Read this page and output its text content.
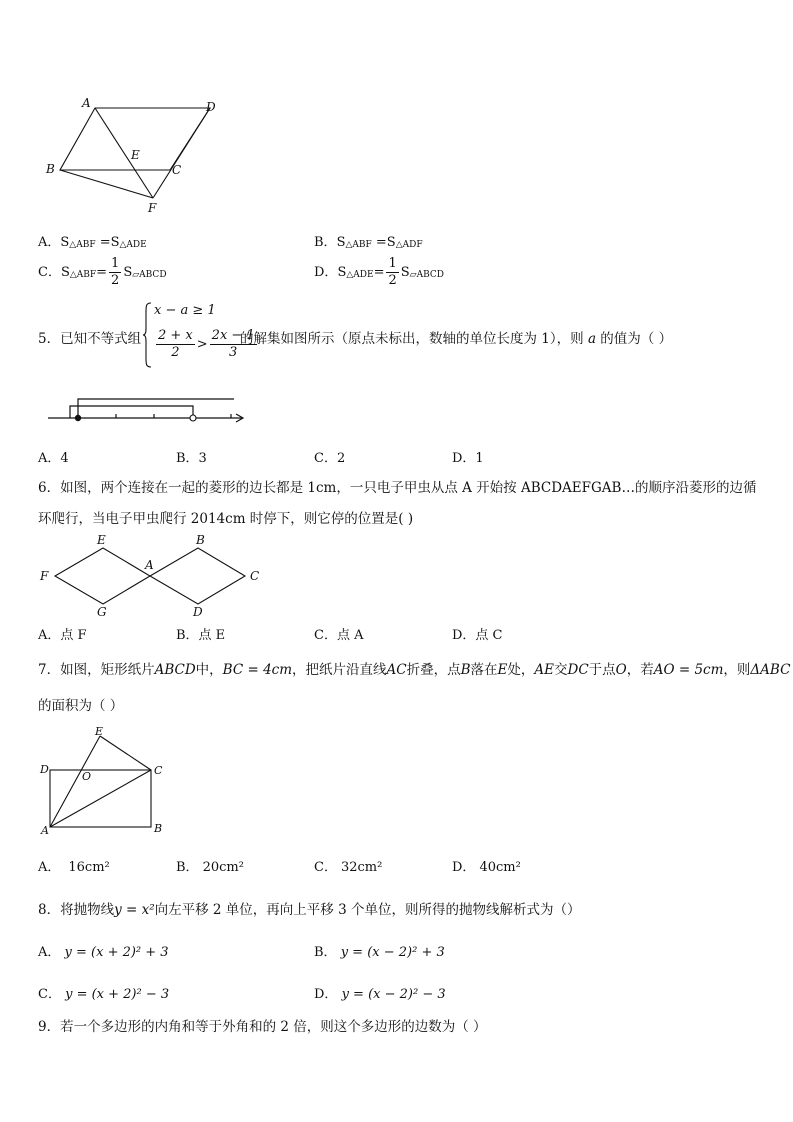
A	D
E
B	C
F
A．S△ABF =S△ADE	B．S△ABF =S△ADF
C．S△ABF= $\frac{1}{2}$ S▱ABCD	D．S△ADE= $\frac{1}{2}$ S▱ABCD
5．已知不等式组
x − a ≥ 1
$\frac{2 + x}{2} > \frac{2x - 1}{3}$
的解集如图所示（原点未标出，数轴的单位长度为 1），则 a 的值为（ ）
A．4	B．3	C．2	D．1
6．如图，两个连接在一起的菱形的边长都是 1cm，一只电子甲虫从点 A 开始按 ABCDAEFGAB…的顺序沿菱形的边循
环爬行，当电子甲虫爬行 2014cm 时停下，则它停的位置是( )
E	B
F
A
C
G	D
A．点 F	B．点 E	C．点 A	D．点 C
7．如图，矩形纸片ABCD中，BC = 4cm，把纸片沿直线AC折叠，点B落在E处，AE交DC于点O，若AO = 5cm，则ΔABC
的面积为（ ）
E
D
O	C
A	B
A． 16cm²	B． 20cm²	C． 32cm²	D． 40cm²
8．将抛物线y = x²向左平移 2 单位，再向上平移 3 个单位，则所得的抛物线解析式为（）
A． y = (x + 2)² + 3	B． y = (x − 2)² + 3
C． y = (x + 2)² − 3	D． y = (x − 2)² − 3
9．若一个多边形的内角和等于外角和的 2 倍，则这个多边形的边数为（ ）
